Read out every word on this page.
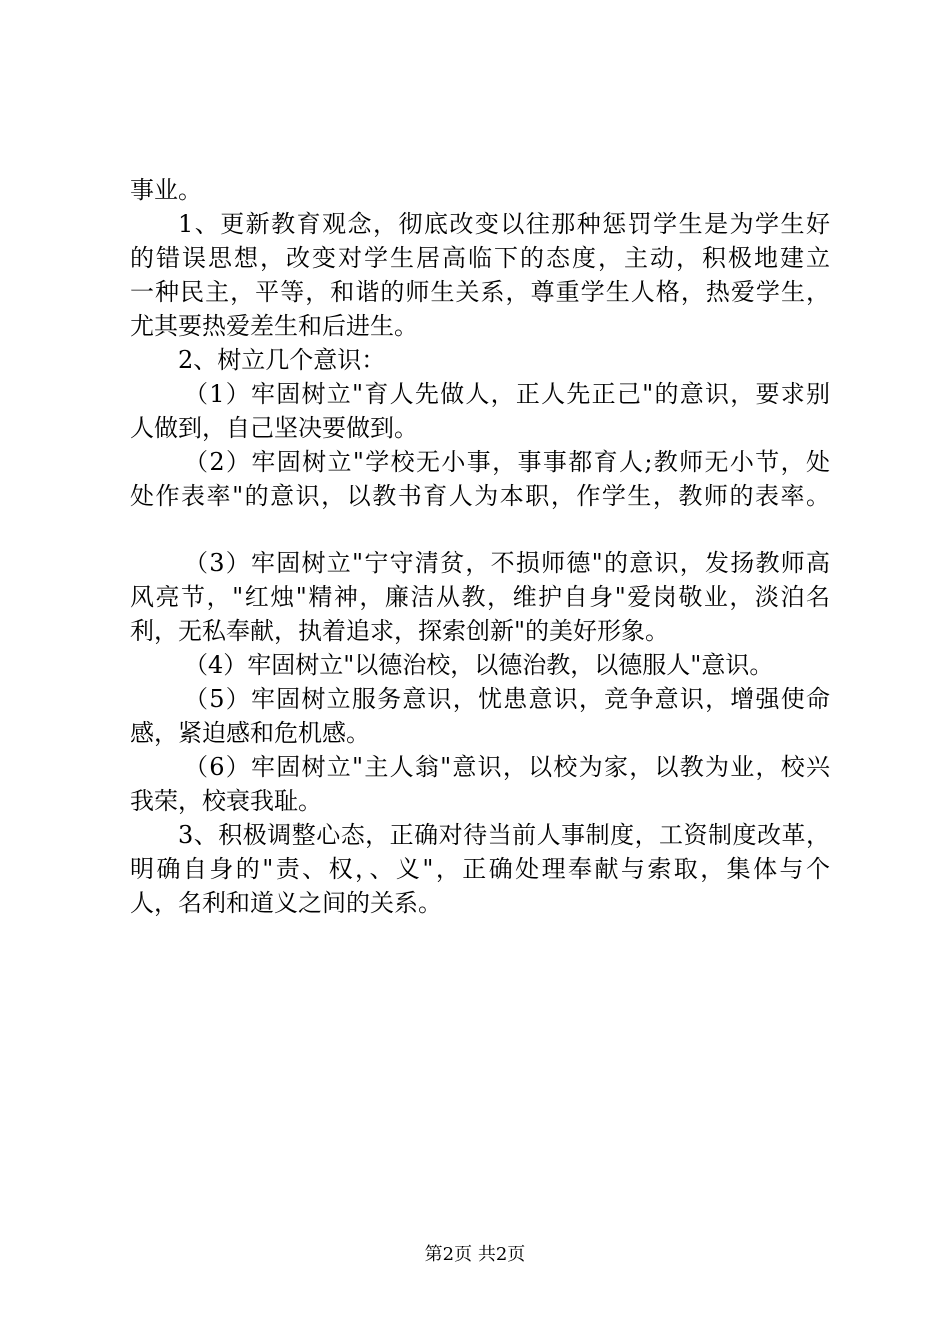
事业。
1、更新教育观念，彻底改变以往那种惩罚学生是为学生好
的错误思想，改变对学生居高临下的态度，主动，积极地建立
一种民主，平等，和谐的师生关系，尊重学生人格，热爱学生，
尤其要热爱差生和后进生。
2、树立几个意识：
（1）牢固树立"育人先做人，正人先正己"的意识，要求别
人做到，自己坚决要做到。
（2）牢固树立"学校无小事，事事都育人;教师无小节，处
处作表率"的意识，以教书育人为本职，作学生，教师的表率。
（3）牢固树立"宁守清贫，不损师德"的意识，发扬教师高
风亮节，"红烛"精神，廉洁从教，维护自身"爱岗敬业，淡泊名
利，无私奉献，执着追求，探索创新"的美好形象。
（4）牢固树立"以德治校，以德治教，以德服人"意识。
（5）牢固树立服务意识，忧患意识，竞争意识，增强使命
感，紧迫感和危机感。
（6）牢固树立"主人翁"意识，以校为家，以教为业，校兴
我荣，校衰我耻。
3、积极调整心态，正确对待当前人事制度，工资制度改革，
明确自身的"责、权，、义"，正确处理奉献与索取，集体与个
人，名利和道义之间的关系。
第2页 共2页
